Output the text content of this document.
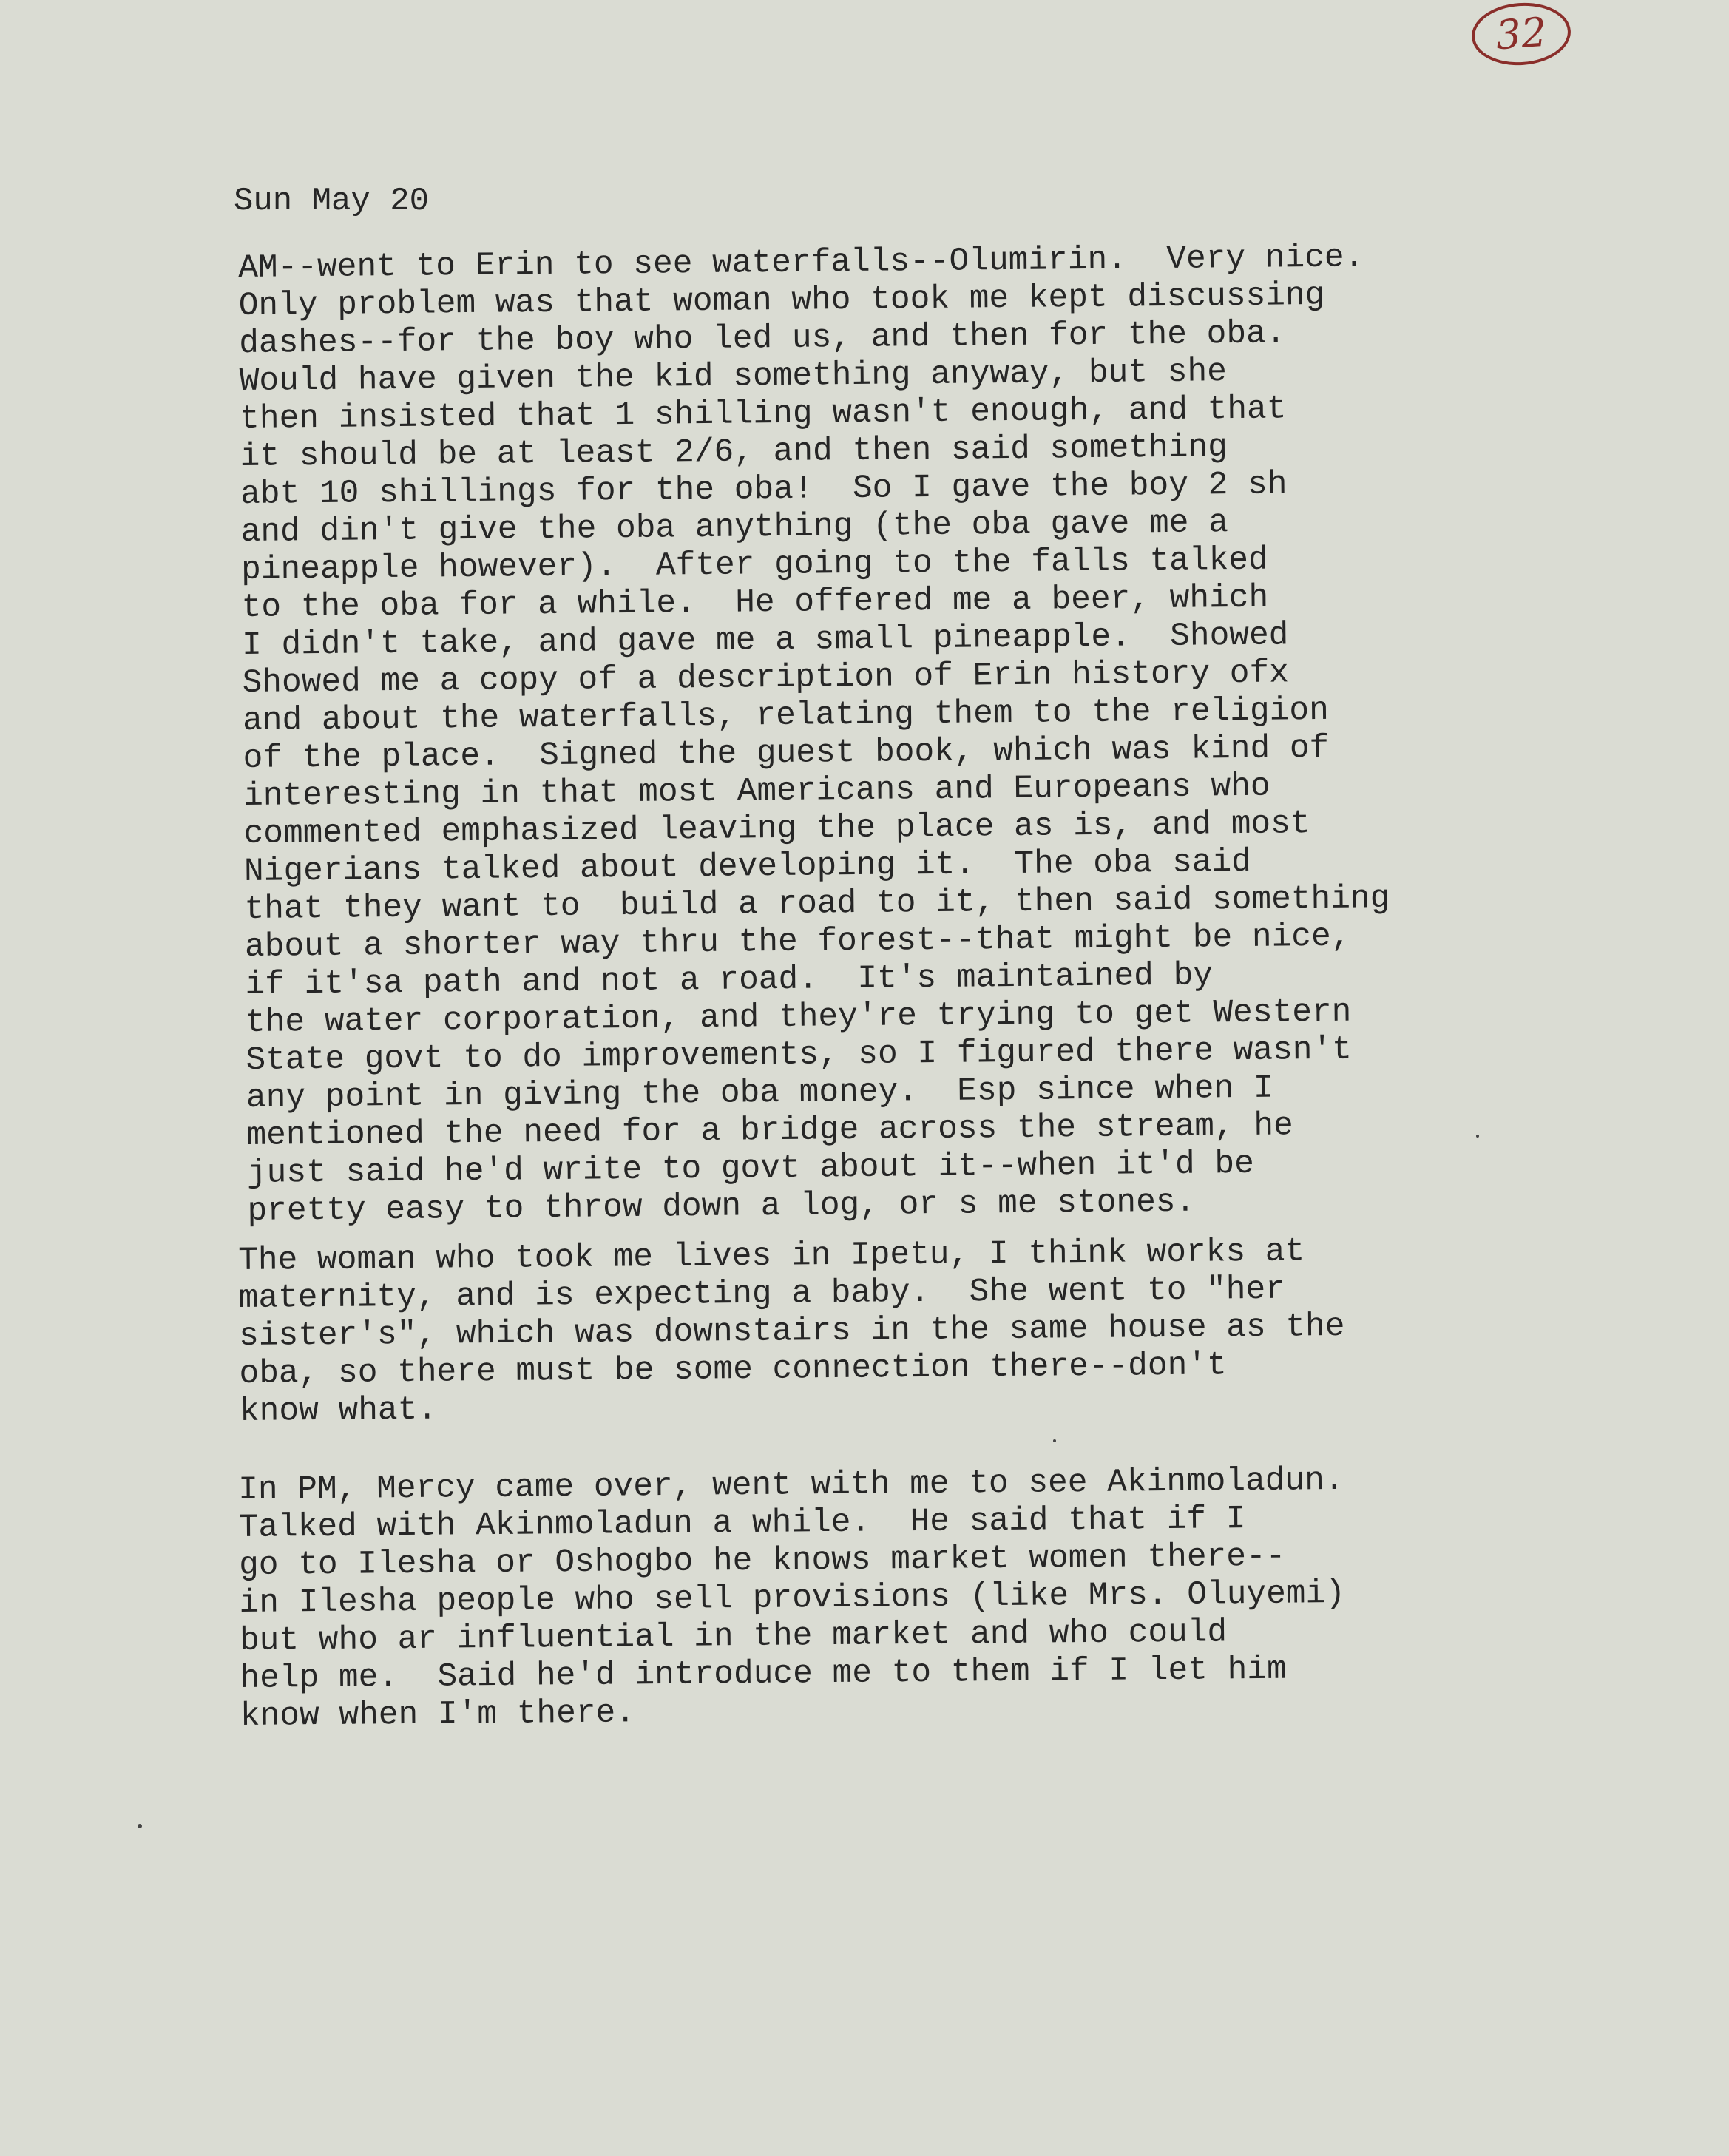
32
Sun May 20
AM--went to Erin to see waterfalls--Olumirin.  Very nice.
Only problem was that woman who took me kept discussing
dashes--for the boy who led us, and then for the oba.
Would have given the kid something anyway, but she
then insisted that 1 shilling wasn't enough, and that
it should be at least 2/6, and then said something
abt 10 shillings for the oba!  So I gave the boy 2 sh
and din't give the oba anything (the oba gave me a
pineapple however).  After going to the falls talked
to the oba for a while.  He offered me a beer, which
I didn't take, and gave me a small pineapple.  Showed
Showed me a copy of a description of Erin history ofx
and about the waterfalls, relating them to the religion
of the place.  Signed the guest book, which was kind of
interesting in that most Americans and Europeans who
commented emphasized leaving the place as is, and most
Nigerians talked about developing it.  The oba said
that they want to  build a road to it, then said something
about a shorter way thru the forest--that might be nice,
if it'sa path and not a road.  It's maintained by
the water corporation, and they're trying to get Western
State govt to do improvements, so I figured there wasn't
any point in giving the oba money.  Esp since when I
mentioned the need for a bridge across the stream, he
just said he'd write to govt about it--when it'd be
pretty easy to throw down a log, or s me stones.
The woman who took me lives in Ipetu, I think works at
maternity, and is expecting a baby.  She went to "her
sister's", which was downstairs in the same house as the
oba, so there must be some connection there--don't
know what.
In PM, Mercy came over, went with me to see Akinmoladun.
Talked with Akinmoladun a while.  He said that if I
go to Ilesha or Oshogbo he knows market women there--
in Ilesha people who sell provisions (like Mrs. Oluyemi)
but who ar influential in the market and who could
help me.  Said he'd introduce me to them if I let him
know when I'm there.
